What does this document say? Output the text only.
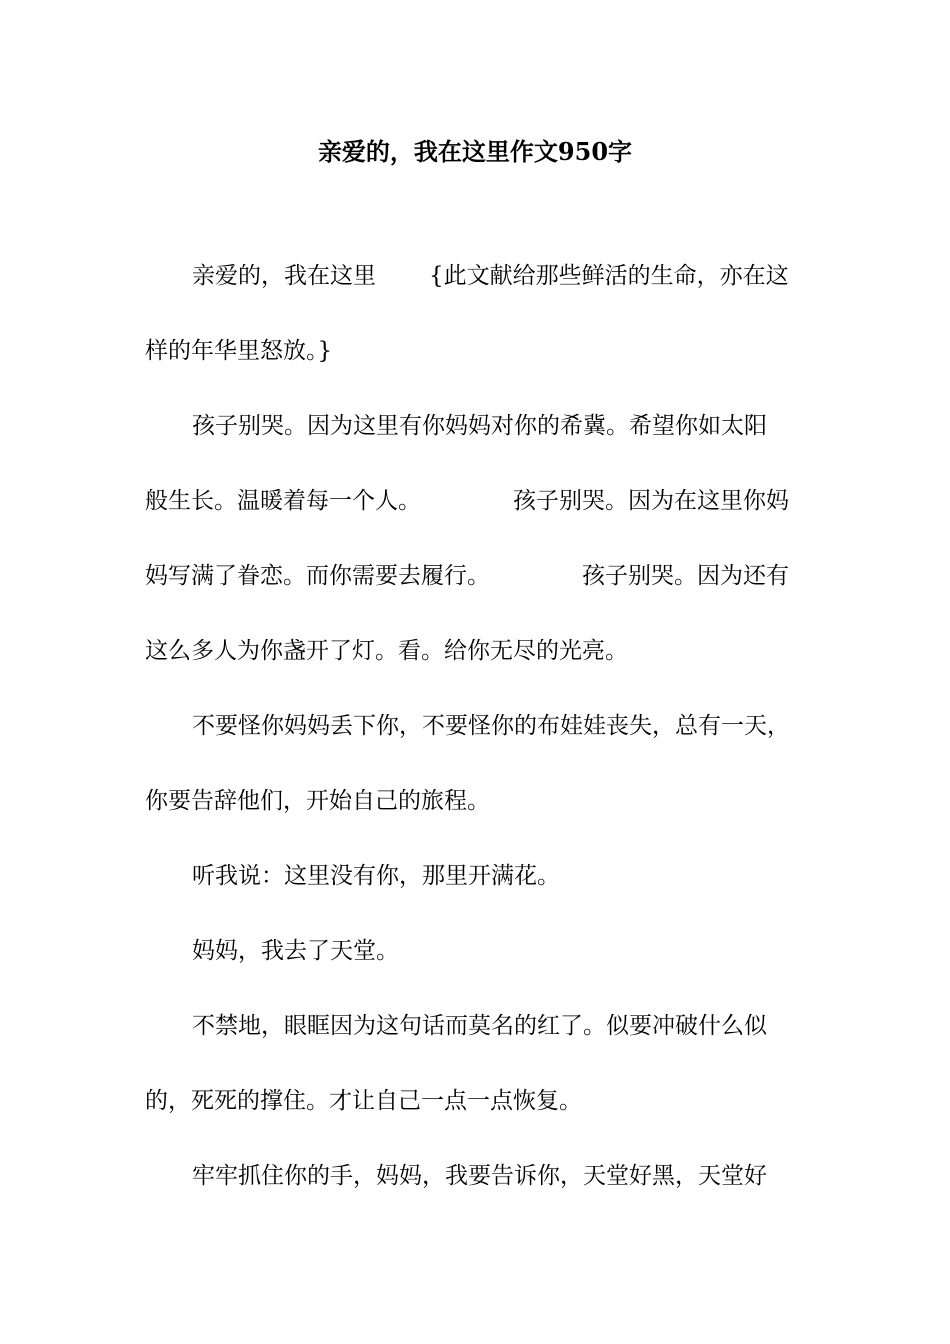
亲爱的，我在这里作文950字
亲爱的，我在这里 {此文献给那些鲜活的生命，亦在这
样的年华里怒放。}
孩子别哭。因为这里有你妈妈对你的希冀。希望你如太阳
般生长。温暖着每一个人。	孩子别哭。因为在这里你妈
妈写满了眷恋。而你需要去履行。	孩子别哭。因为还有
这么多人为你盏开了灯。看。给你无尽的光亮。
不要怪你妈妈丢下你，不要怪你的布娃娃丧失，总有一天，
你要告辞他们，开始自己的旅程。
听我说：这里没有你，那里开满花。
妈妈，我去了天堂。
不禁地，眼眶因为这句话而莫名的红了。似要冲破什么似
的，死死的撑住。才让自己一点一点恢复。
牢牢抓住你的手，妈妈，我要告诉你，天堂好黑，天堂好
